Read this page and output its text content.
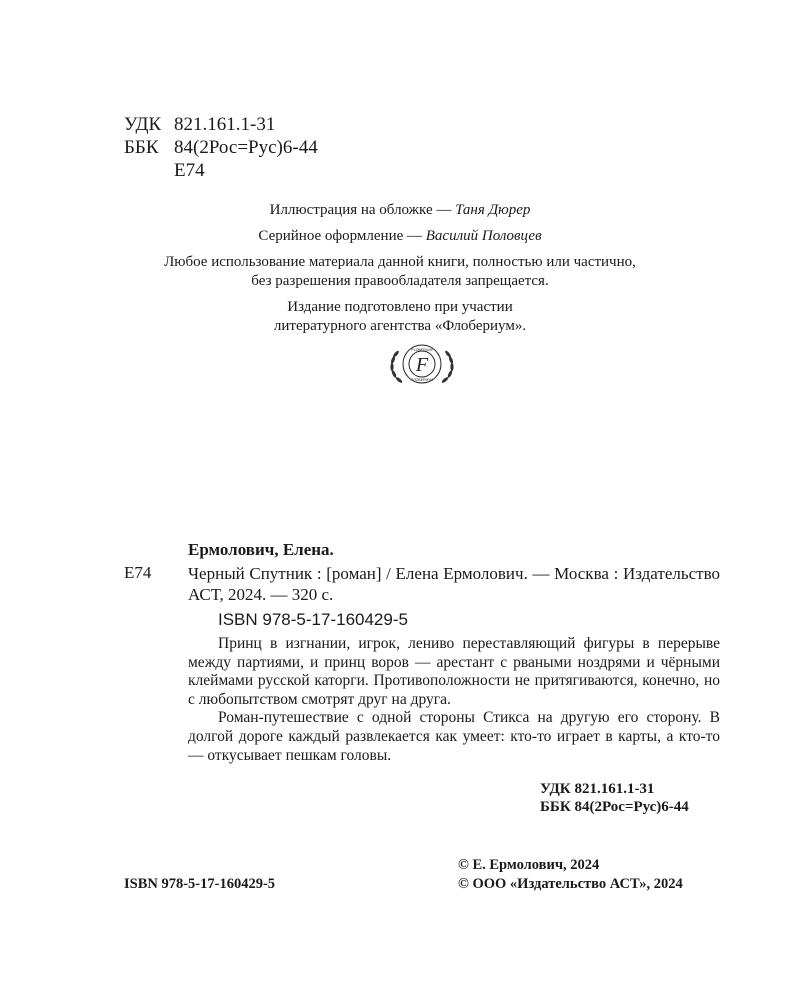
УДК 821.161.1-31
ББК 84(2Рос=Рус)6-44
Е74
Иллюстрация на обложке — Таня Дюрер
Серийное оформление — Василий Половцев
Любое использование материала данной книги, полностью или частично,
без разрешения правообладателя запрещается.
Издание подготовлено при участии
литературного агентства «Флобериум».
F
FLOBERIUM
ФЛОБЕРИУМ
Ермолович, Елена.
Е74 Черный Спутник : [роман] / Елена Ермолович. — Москва : Издательство АСТ, 2024. — 320 с.
ISBN 978-5-17-160429-5

Принц в изгнании, игрок, лениво переставляющий фигуры в перерыве между партиями, и принц воров — арестант с рваными ноздрями и чёрными клеймами русской каторги. Противоположности не притягиваются, конечно, но с любопытством смотрят друг на друга.

Роман-путешествие с одной стороны Стикса на другую его сторону. В долгой дороге каждый развлекается как умеет: кто-то играет в карты, а кто-то — откусывает пешкам головы.

УДК 821.161.1-31
ББК 84(2Рос=Рус)6-44
ISBN 978-5-17-160429-5
© Е. Ермолович, 2024
© ООО «Издательство АСТ», 2024
